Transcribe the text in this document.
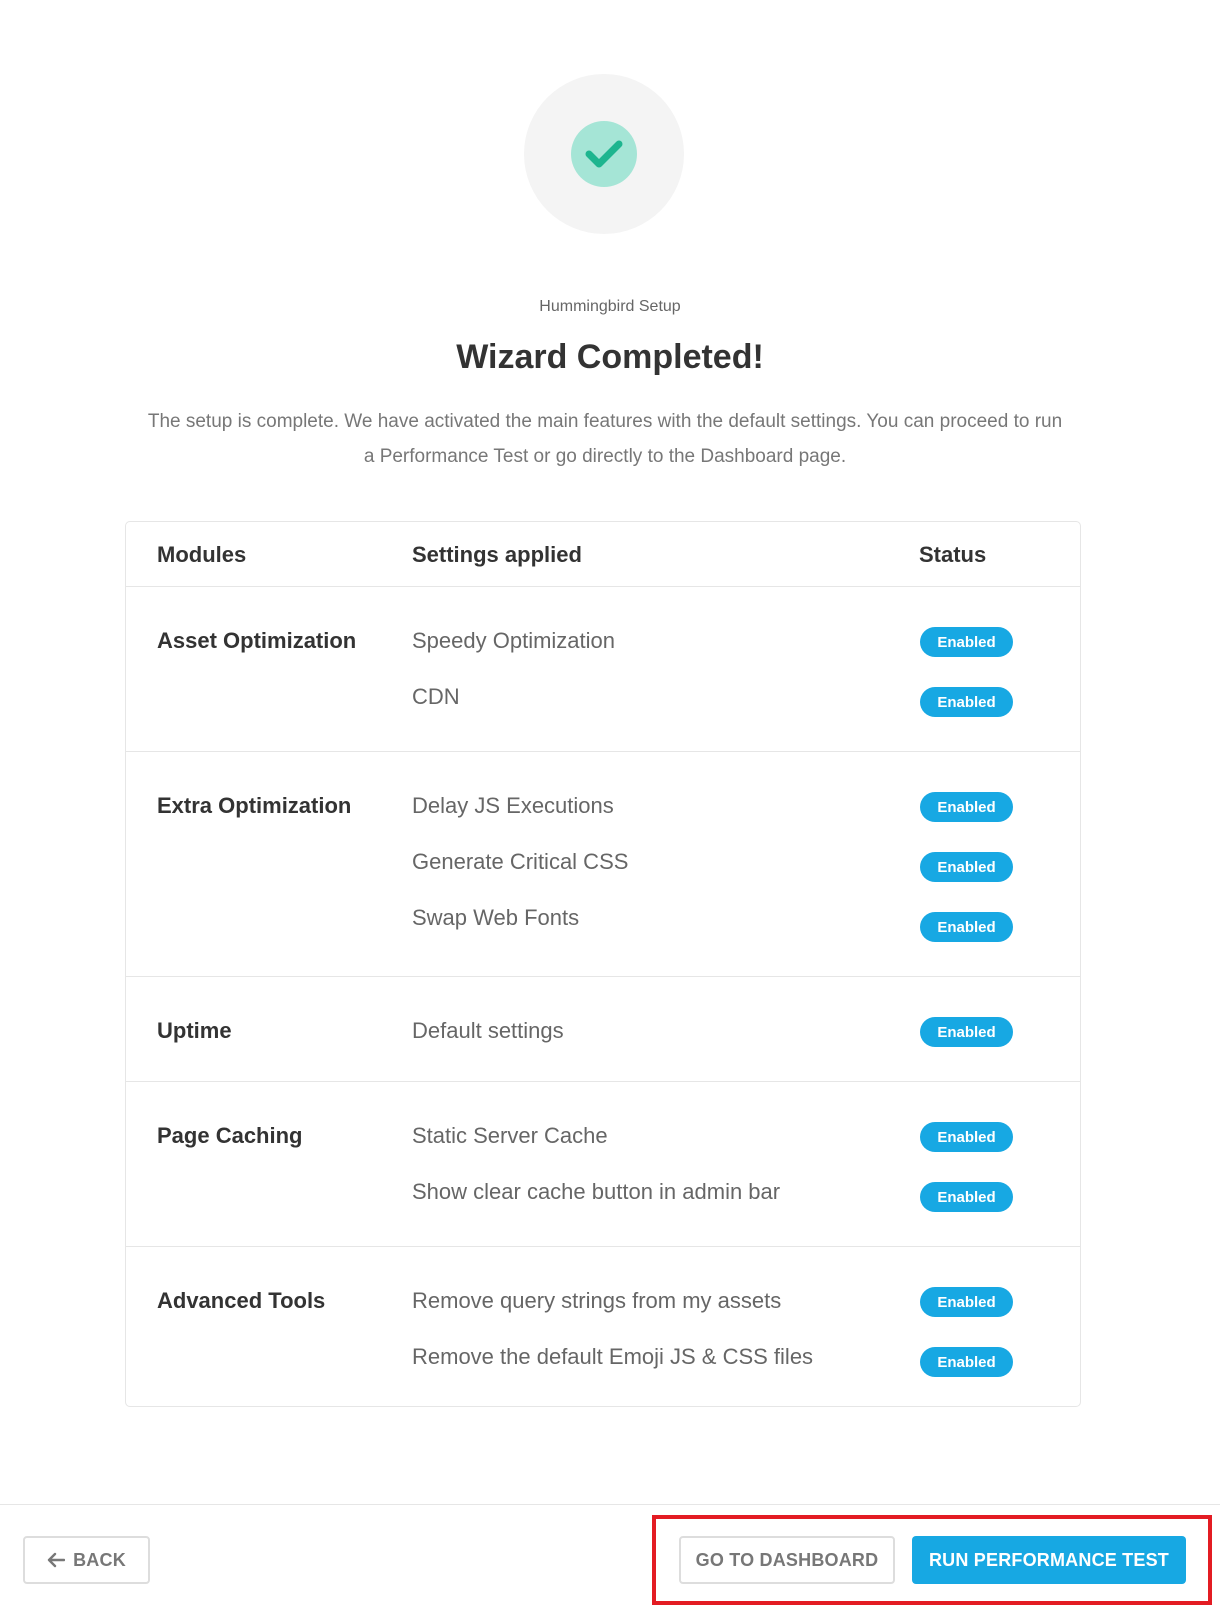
Hummingbird Setup
Wizard Completed!
The setup is complete. We have activated the main features with the default settings. You can proceed to run
a Performance Test or go directly to the Dashboard page.
Modules	Settings applied	Status
Asset Optimization	Speedy Optimization	Enabled
CDN	Enabled
Extra Optimization	Delay JS Executions	Enabled
Generate Critical CSS	Enabled
Swap Web Fonts	Enabled
Uptime	Default settings	Enabled
Page Caching	Static Server Cache	Enabled
Show clear cache button in admin bar	Enabled
Advanced Tools	Remove query strings from my assets	Enabled
Remove the default Emoji JS & CSS files	Enabled
BACK	GO TO DASHBOARD	RUN PERFORMANCE TEST
